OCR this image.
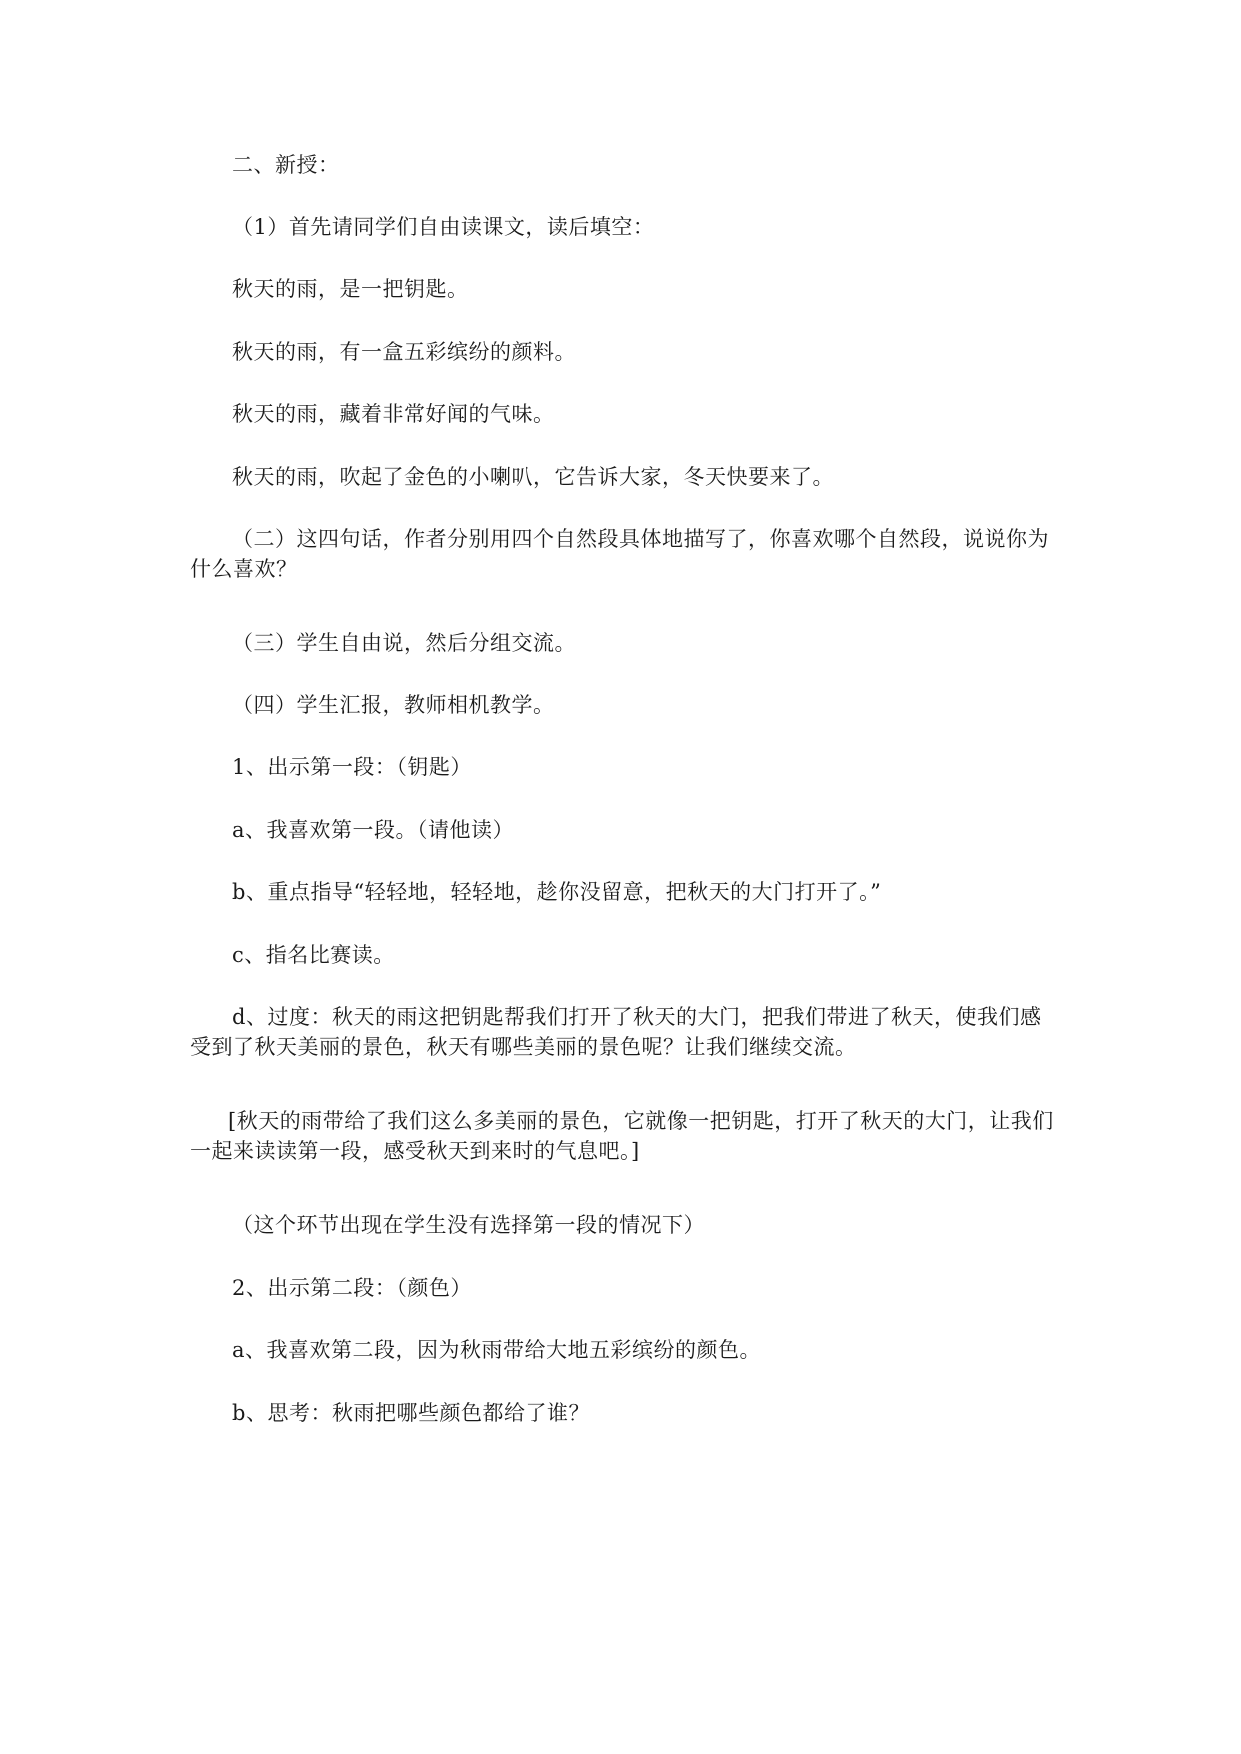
二、新授：

（1）首先请同学们自由读课文，读后填空：

秋天的雨，是一把钥匙。

秋天的雨，有一盒五彩缤纷的颜料。

秋天的雨，藏着非常好闻的气味。

秋天的雨，吹起了金色的小喇叭，它告诉大家，冬天快要来了。

（二）这四句话，作者分别用四个自然段具体地描写了，你喜欢哪个自然段，说说你为什么喜欢？

（三）学生自由说，然后分组交流。

（四）学生汇报，教师相机教学。

1、出示第一段：（钥匙）

a、我喜欢第一段。（请他读）

b、重点指导“轻轻地，轻轻地，趁你没留意，把秋天的大门打开了。”

c、指名比赛读。

d、过度：秋天的雨这把钥匙帮我们打开了秋天的大门，把我们带进了秋天，使我们感受到了秋天美丽的景色，秋天有哪些美丽的景色呢？让我们继续交流。

[秋天的雨带给了我们这么多美丽的景色，它就像一把钥匙，打开了秋天的大门，让我们一起来读读第一段，感受秋天到来时的气息吧。]

（这个环节出现在学生没有选择第一段的情况下）

2、出示第二段：（颜色）

a、我喜欢第二段，因为秋雨带给大地五彩缤纷的颜色。

b、思考：秋雨把哪些颜色都给了谁？
